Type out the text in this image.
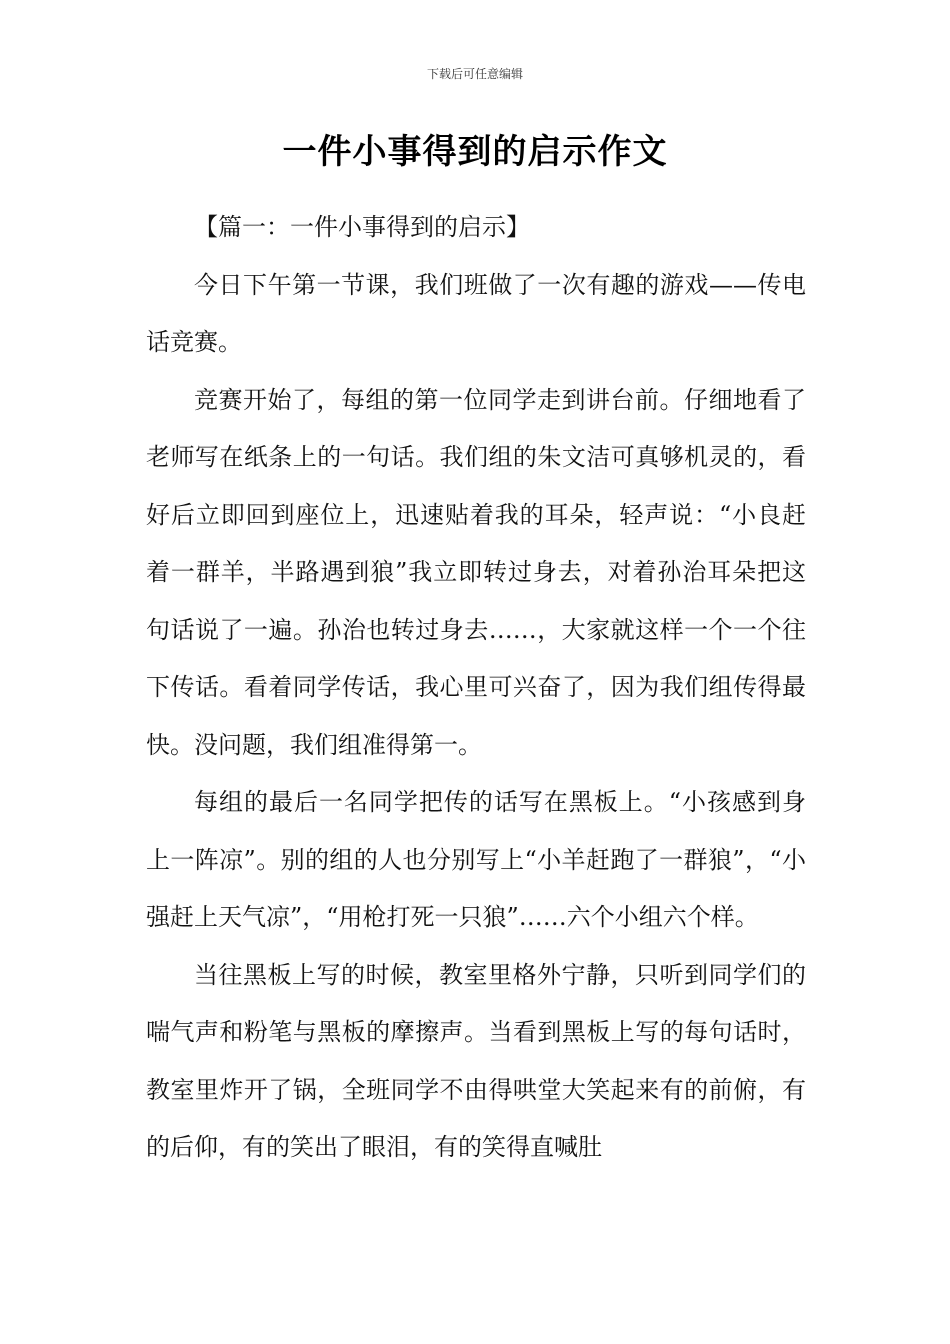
下载后可任意编辑
一件小事得到的启示作文

【篇一：一件小事得到的启示】

今日下午第一节课，我们班做了一次有趣的游戏——传电话竞赛。

竞赛开始了，每组的第一位同学走到讲台前。仔细地看了老师写在纸条上的一句话。我们组的朱文洁可真够机灵的，看好后立即回到座位上，迅速贴着我的耳朵，轻声说：“小良赶着一群羊，半路遇到狼”我立即转过身去，对着孙治耳朵把这句话说了一遍。孙治也转过身去……，大家就这样一个一个往下传话。看着同学传话，我心里可兴奋了，因为我们组传得最快。没问题，我们组准得第一。

每组的最后一名同学把传的话写在黑板上。“小孩感到身上一阵凉”。别的组的人也分别写上“小羊赶跑了一群狼”，“小强赶上天气凉”，“用枪打死一只狼”……六个小组六个样。

当往黑板上写的时候，教室里格外宁静，只听到同学们的喘气声和粉笔与黑板的摩擦声。当看到黑板上写的每句话时，教室里炸开了锅，全班同学不由得哄堂大笑起来有的前俯，有的后仰，有的笑出了眼泪，有的笑得直喊肚
